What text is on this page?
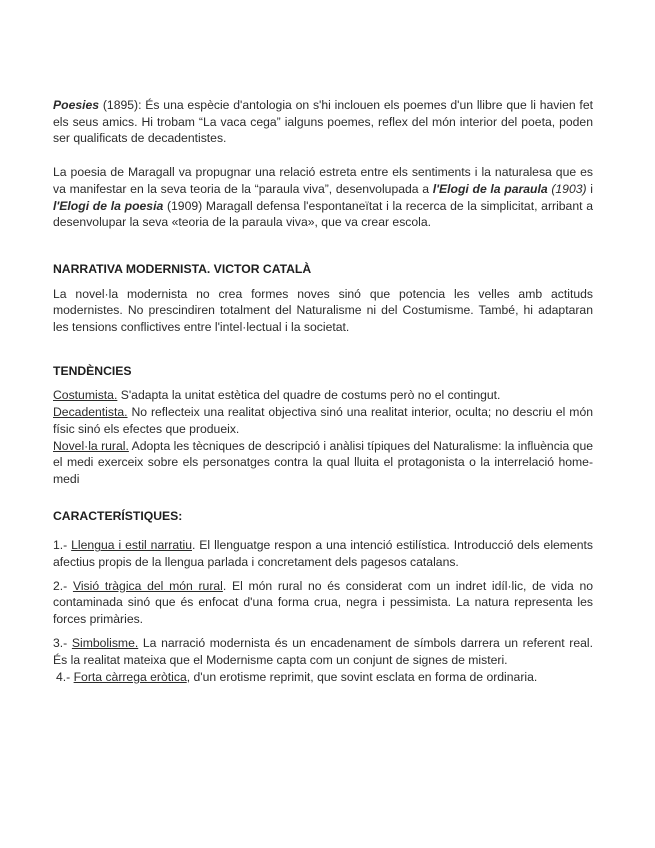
Poesies (1895): És una espècie d'antologia on s'hi inclouen els poemes d'un llibre que li havien fet els seus amics. Hi trobam “La vaca cega” ialguns poemes, reflex del món interior del poeta, poden ser qualificats de decadentistes.

La poesia de Maragall va propugnar una relació estreta entre els sentiments i la naturalesa que es va manifestar en la seva teoria de la “paraula viva”, desenvolupada a l'Elogi de la paraula (1903) i l'Elogi de la poesia (1909) Maragall defensa l'espontaneïtat i la recerca de la simplicitat, arribant a desenvolupar la seva «teoria de la paraula viva», que va crear escola.

NARRATIVA MODERNISTA. VICTOR CATALÀ

La novel·la modernista no crea formes noves sinó que potencia les velles amb actituds modernistes. No prescindiren totalment del Naturalisme ni del Costumisme. També, hi adaptaran les tensions conflictives entre l'intel·lectual i la societat.

TENDÈNCIES

Costumista. S'adapta la unitat estètica del quadre de costums però no el contingut.

Decadentista. No reflecteix una realitat objectiva sinó una realitat interior, oculta; no descriu el món físic sinó els efectes que produeix.

Novel·la rural. Adopta les tècniques de descripció i anàlisi típiques del Naturalisme: la influència que el medi exerceix sobre els personatges contra la qual lluita el protagonista o la interrelació home-medi

CARACTERÍSTIQUES:

1.- Llengua i estil narratiu. El llenguatge respon a una intenció estilística. Introducció dels elements afectius propis de la llengua parlada i concretament dels pagesos catalans.

2.- Visió tràgica del món rural. El món rural no és considerat com un indret idíl·lic, de vida no contaminada sinó que és enfocat d'una forma crua, negra i pessimista. La natura representa les forces primàries.

3.- Simbolisme. La narració modernista és un encadenament de símbols darrera un referent real. És la realitat mateixa que el Modernisme capta com un conjunt de signes de misteri.

4.- Forta càrrega eròtica, d'un erotisme reprimit, que sovint esclata en forma de ordinaria.
